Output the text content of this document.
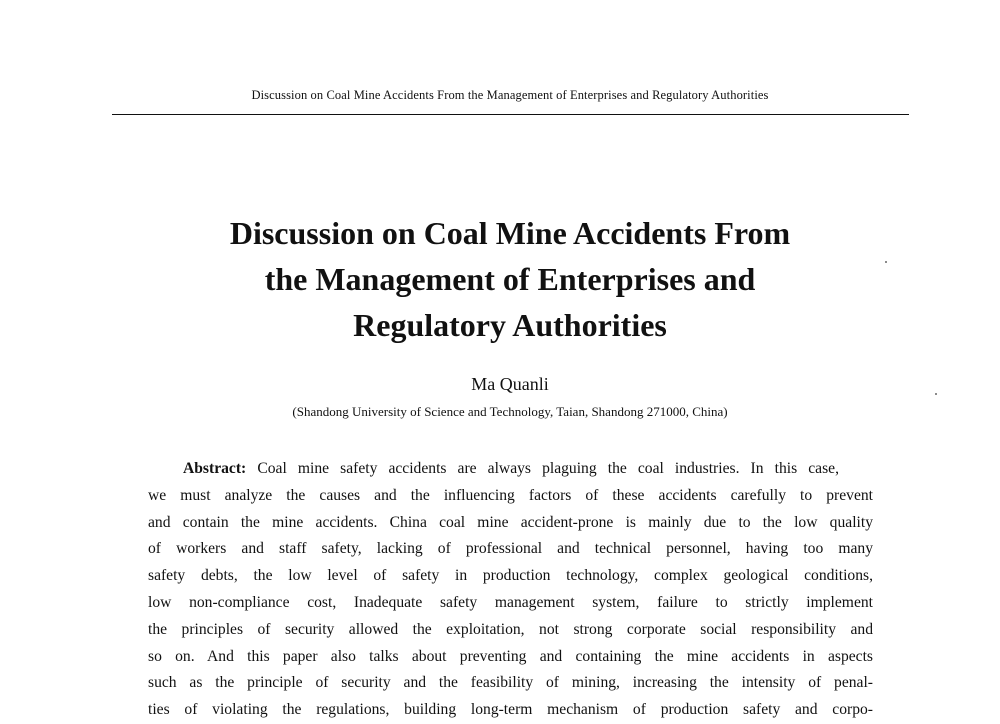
Discussion on Coal Mine Accidents From the Management of Enterprises and Regulatory Authorities
Discussion on Coal Mine Accidents From
the Management of Enterprises and
Regulatory Authorities
Ma Quanli
(Shandong University of Science and Technology, Taian, Shandong 271000, China)
Abstract: Coal mine safety accidents are always plaguing the coal industries. In this case,
we must analyze the causes and the influencing factors of these accidents carefully to prevent
and contain the mine accidents. China coal mine accident-prone is mainly due to the low quality
of workers and staff safety, lacking of professional and technical personnel, having too many
safety debts, the low level of safety in production technology, complex geological conditions,
low non-compliance cost, Inadequate safety management system, failure to strictly implement
the principles of security allowed the exploitation, not strong corporate social responsibility and
so on. And this paper also talks about preventing and containing the mine accidents in aspects
such as the principle of security and the feasibility of mining, increasing the intensity of penal-
ties of violating the regulations, building long-term mechanism of production safety and corpo-
